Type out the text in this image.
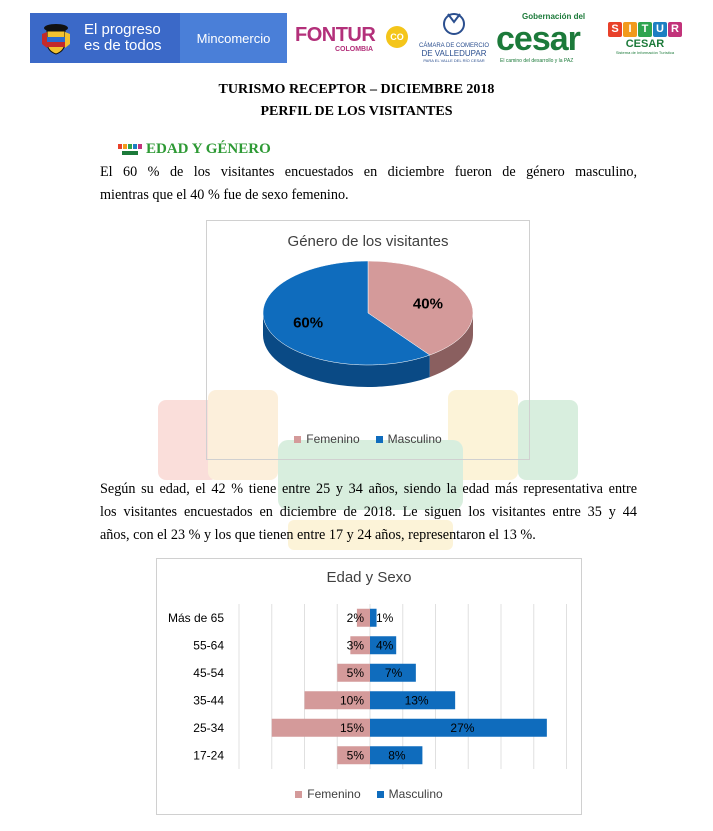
El progreso
es de todos	Mincomercio	FONTUR
COLOMBIA
CO
CÁMARA DE COMERCIO
DE VALLEDUPAR
PARA EL VALLE DEL RÍO CESAR
Gobernación del
cesar
El camino del desarrollo y la PAZ
S I T U R
CESAR
Sistema de Información Turística
TURISMO RECEPTOR – DICIEMBRE 2018
PERFIL DE LOS VISITANTES
EDAD Y GÉNERO
El 60 % de los visitantes encuestados en diciembre fueron de género masculino,
mientras que el 40 % fue de sexo femenino.
Género de los visitantes
40%
60%
Femenino Masculino
Según su edad, el 42 % tiene entre 25 y 34 años, siendo la edad más representativa entre
los visitantes encuestados en diciembre de 2018. Le siguen los visitantes entre 35 y 44
años, con el 23 % y los que tienen entre 17 y 24 años, representaron el 13 %.
Edad y Sexo
Más de 65	2% 1%
55-64	3% 4%
45-54	5% 7%
35-44	10%	13%
25-34	15%	27%
17-24	5% 8%
Femenino Masculino
